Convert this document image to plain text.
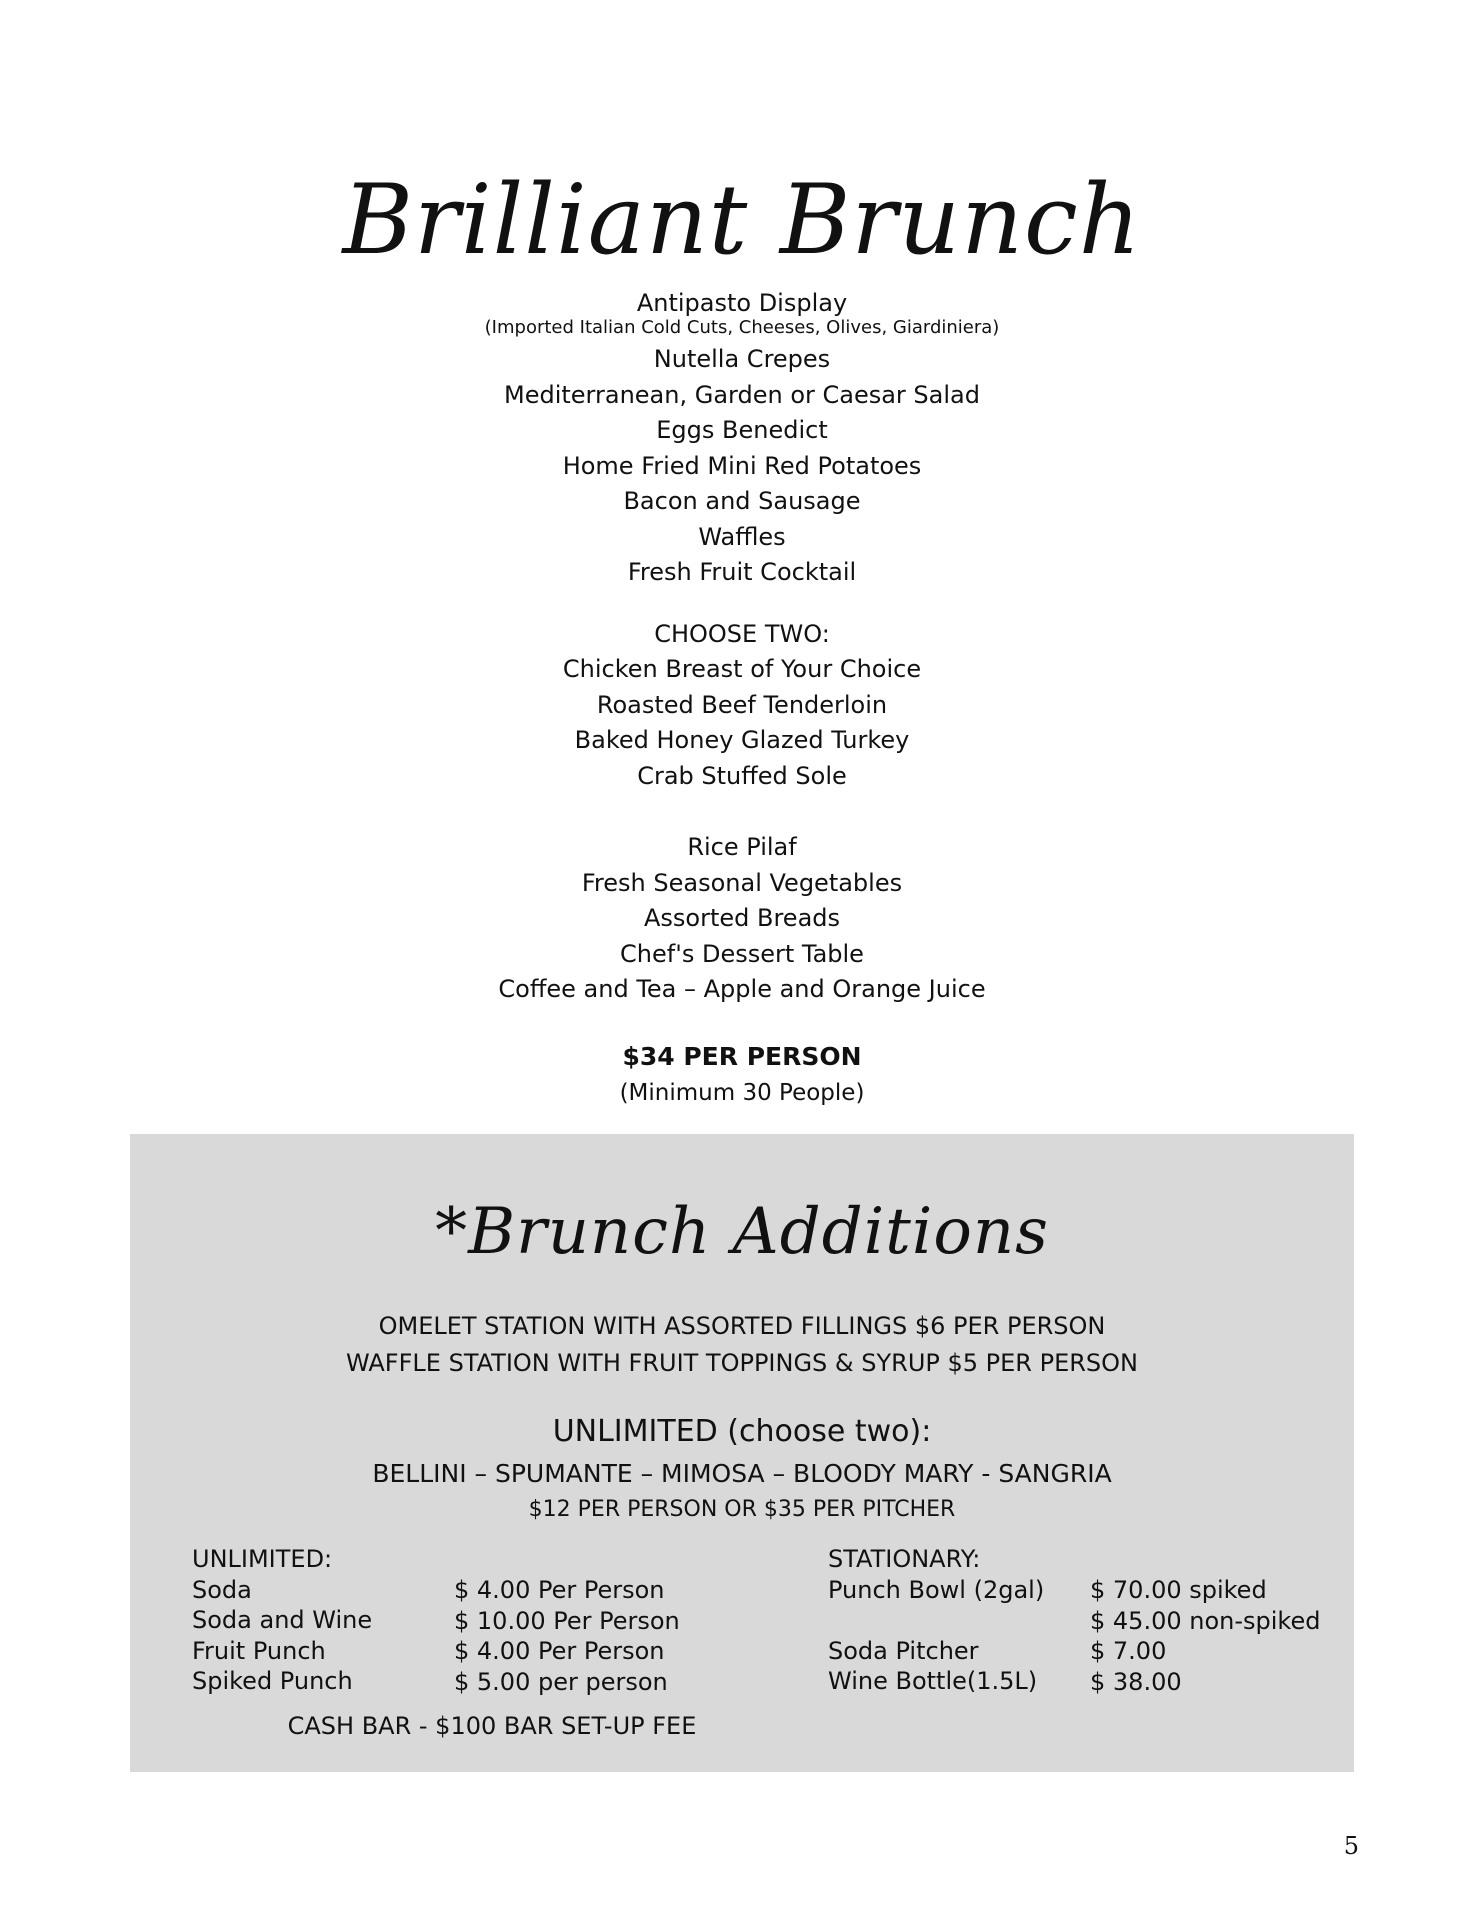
Brilliant Brunch
Antipasto Display
(Imported Italian Cold Cuts, Cheeses, Olives, Giardiniera)
Nutella Crepes
Mediterranean, Garden or Caesar Salad
Eggs Benedict
Home Fried Mini Red Potatoes
Bacon and Sausage
Waffles
Fresh Fruit Cocktail
CHOOSE TWO:
Chicken Breast of Your Choice
Roasted Beef Tenderloin
Baked Honey Glazed Turkey
Crab Stuffed Sole
Rice Pilaf
Fresh Seasonal Vegetables
Assorted Breads
Chef's Dessert Table
Coffee and Tea – Apple and Orange Juice
$34 PER PERSON
(Minimum 30 People)
*Brunch Additions
OMELET STATION WITH ASSORTED FILLINGS $6 PER PERSON
WAFFLE STATION WITH FRUIT TOPPINGS & SYRUP $5 PER PERSON
UNLIMITED (choose two):
BELLINI – SPUMANTE – MIMOSA – BLOODY MARY - SANGRIA
$12 PER PERSON OR $35 PER PITCHER
UNLIMITED:
Soda
Soda and Wine
Fruit Punch
Spiked Punch
$ 4.00 Per Person
$ 10.00 Per Person
$ 4.00 Per Person
$ 5.00 per person
STATIONARY:
Punch Bowl (2gal)
Soda Pitcher
Wine Bottle(1.5L)
$ 70.00 spiked
$ 45.00 non-spiked
$ 7.00
$ 38.00
CASH BAR - $100 BAR SET-UP FEE
5
